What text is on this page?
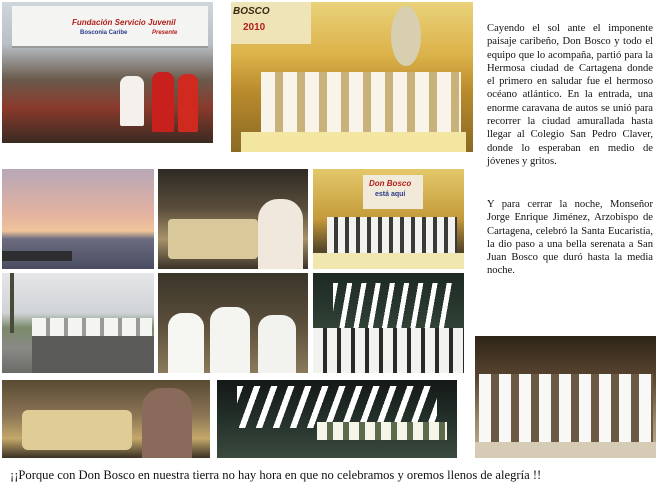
Fundación Servicio Juvenil
Bosconia Caribe	Presente
BOSCO
2010
Don Bosco
está aquí

Cayendo el sol ante el imponente paisaje caribeño, Don Bosco y todo el equipo que lo acompaña, partió para la Hermosa ciudad de Cartagena donde el primero en saludar fue el hermoso océano atlántico. En la entrada, una enorme caravana de autos se unió para recorrer la ciudad amurallada hasta llegar al Colegio San Pedro Claver, donde lo esperaban en medio de jóvenes y gritos.

Y para cerrar la noche, Monseñor Jorge Enrique Jiménez, Arzobispo de Cartagena, celebró la Santa Eucaristía, la dio paso a una bella serenata a San Juan Bosco que duró hasta la media noche.

¡¡Porque con Don Bosco en nuestra tierra no hay hora en que no celebramos y oremos llenos de alegría !!
